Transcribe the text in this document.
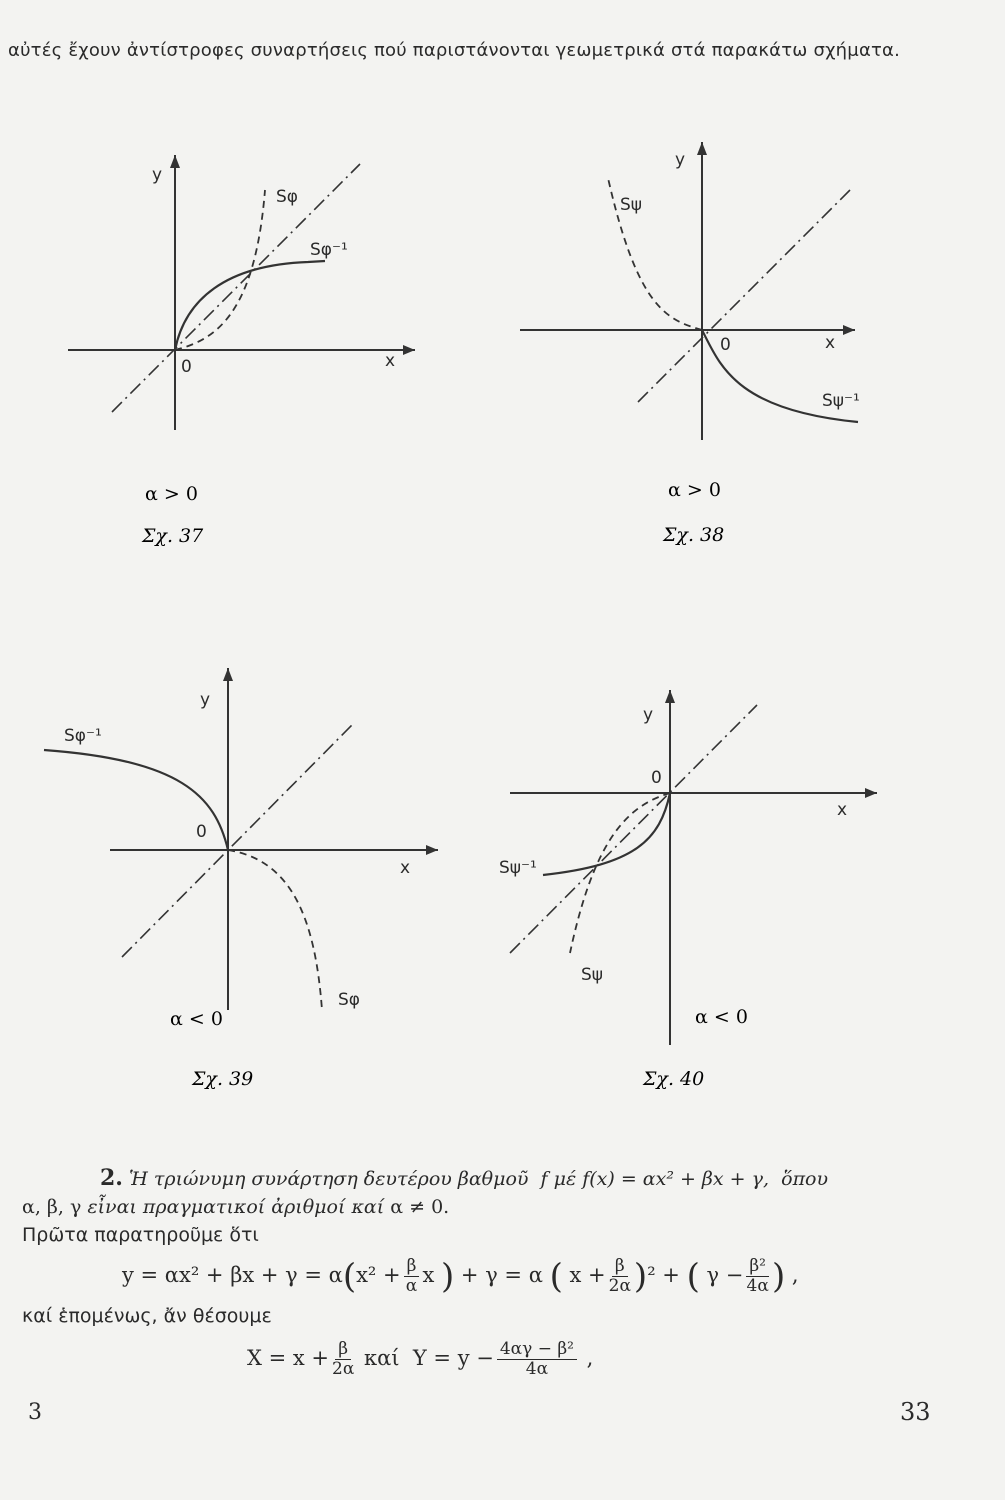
αὐτές ἔχουν ἀντίστροφες συναρτήσεις πού παριστάνονται γεωμετρικά στά παρακάτω σχήματα.
y
x
0
Sφ
Sφ⁻¹
α > 0
Σχ. 37
y
x
0
Sψ
Sψ⁻¹
α > 0
Σχ. 38
y
x
0
Sφ
Sφ⁻¹
α < 0
Σχ. 39
y
x
0
Sψ
Sψ⁻¹
α < 0
Σχ. 40
2. Ἡ τριώνυμη συνάρτηση δευτέρου βαθμοῦ f μέ f(x) = αx² + βx + γ, ὅπου
α, β, γ εἶναι πραγματικοί ἀριθμοί καί α ≠ 0.
Πρῶτα παρατηροῦμε ὅτι
$y = \alpha x^2 + \beta x + \gamma = \alpha(x^2 + \frac{\beta}{\alpha}$ x ) + γ = α ( $x + \frac{\beta}{2\alpha} )^2$ + ( $\gamma - \frac{\text{β²}}{4\alpha}$ ) ,
καί ἑπομένως, ἄν θέσουμε
$X = x + \frac{\beta}{2\alpha}$ καί  $Y = y - \frac{\text{4αγ − β²}}{4\alpha}$ ,
3	33
